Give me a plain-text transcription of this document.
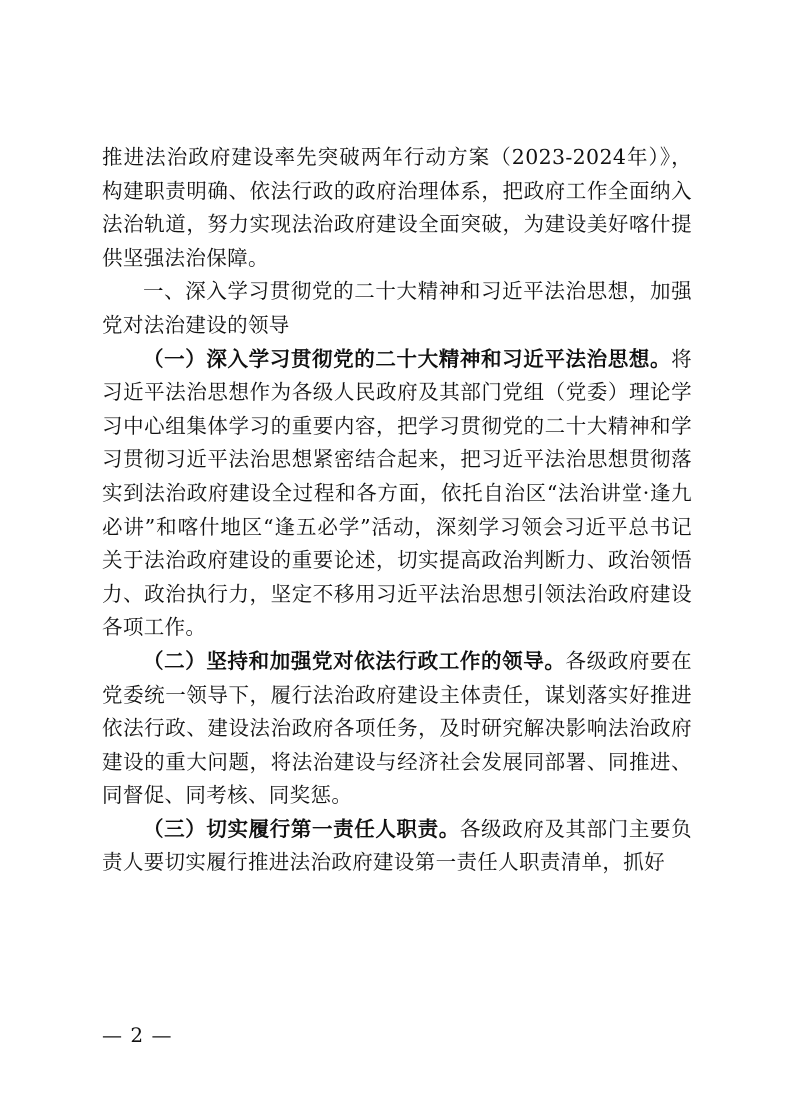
推进法治政府建设率先突破两年行动方案（2023-2024年）》，构建职责明确、依法行政的政府治理体系，把政府工作全面纳入法治轨道，努力实现法治政府建设全面突破，为建设美好喀什提供坚强法治保障。

一、深入学习贯彻党的二十大精神和习近平法治思想，加强党对法治建设的领导

（一）深入学习贯彻党的二十大精神和习近平法治思想。将习近平法治思想作为各级人民政府及其部门党组（党委）理论学习中心组集体学习的重要内容，把学习贯彻党的二十大精神和学习贯彻习近平法治思想紧密结合起来，把习近平法治思想贯彻落实到法治政府建设全过程和各方面，依托自治区“法治讲堂·逢九必讲”和喀什地区“逢五必学”活动，深刻学习领会习近平总书记关于法治政府建设的重要论述，切实提高政治判断力、政治领悟力、政治执行力，坚定不移用习近平法治思想引领法治政府建设各项工作。

（二）坚持和加强党对依法行政工作的领导。各级政府要在党委统一领导下，履行法治政府建设主体责任，谋划落实好推进依法行政、建设法治政府各项任务，及时研究解决影响法治政府建设的重大问题，将法治建设与经济社会发展同部署、同推进、同督促、同考核、同奖惩。

（三）切实履行第一责任人职责。各级政府及其部门主要负责人要切实履行推进法治政府建设第一责任人职责清单，抓好

— 2 —
